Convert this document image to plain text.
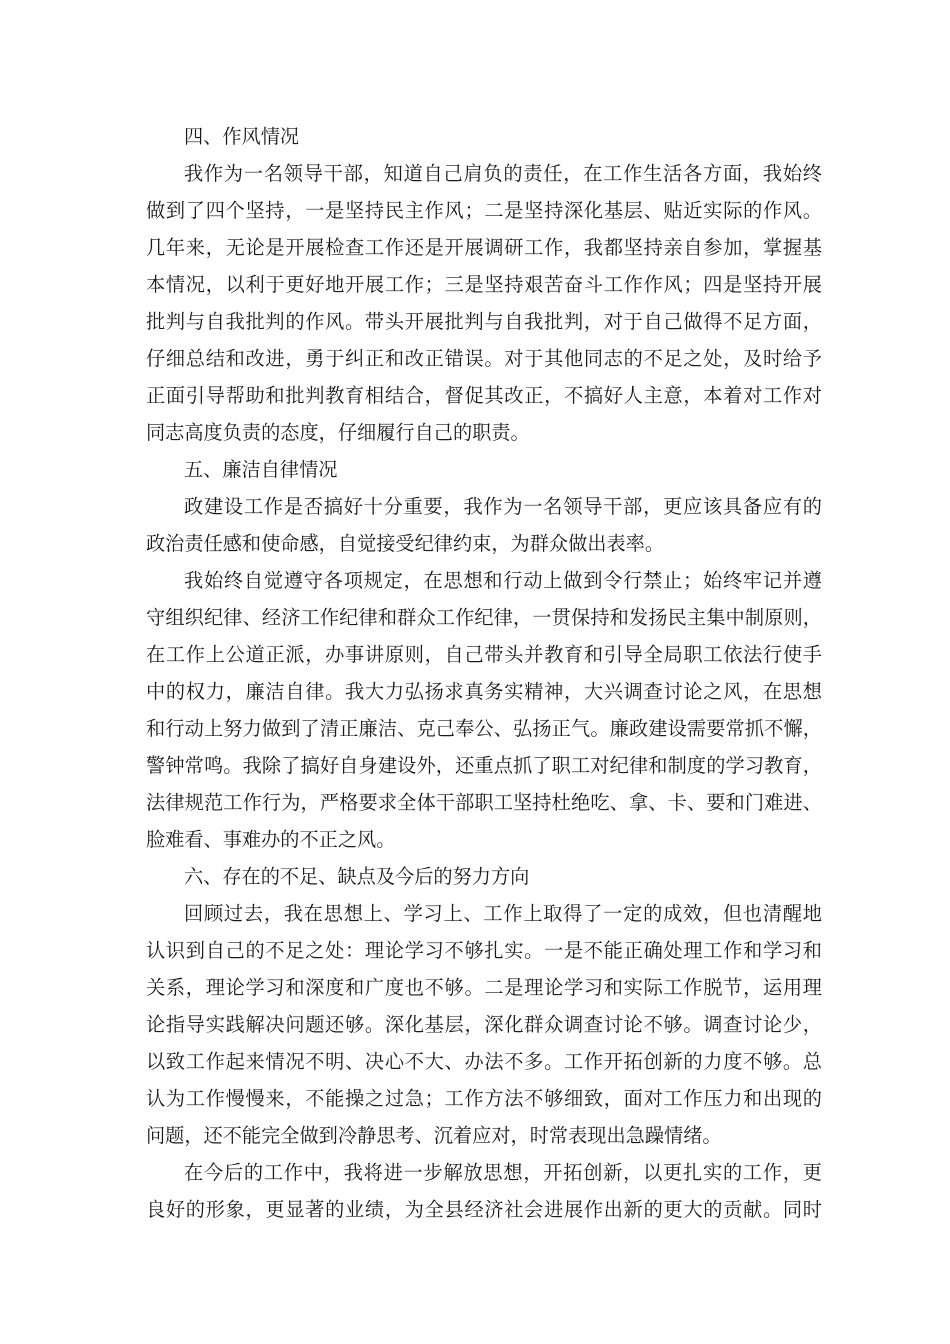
四、作风情况
我作为一名领导干部，知道自己肩负的责任，在工作生活各方面，我始终
做到了四个坚持，一是坚持民主作风；二是坚持深化基层、贴近实际的作风。
几年来，无论是开展检查工作还是开展调研工作，我都坚持亲自参加，掌握基
本情况，以利于更好地开展工作；三是坚持艰苦奋斗工作作风；四是坚持开展
批判与自我批判的作风。带头开展批判与自我批判，对于自己做得不足方面，
仔细总结和改进，勇于纠正和改正错误。对于其他同志的不足之处，及时给予
正面引导帮助和批判教育相结合，督促其改正，不搞好人主意，本着对工作对
同志高度负责的态度，仔细履行自己的职责。
五、廉洁自律情况
政建设工作是否搞好十分重要，我作为一名领导干部，更应该具备应有的
政治责任感和使命感，自觉接受纪律约束，为群众做出表率。
我始终自觉遵守各项规定，在思想和行动上做到令行禁止；始终牢记并遵
守组织纪律、经济工作纪律和群众工作纪律，一贯保持和发扬民主集中制原则，
在工作上公道正派，办事讲原则，自己带头并教育和引导全局职工依法行使手
中的权力，廉洁自律。我大力弘扬求真务实精神，大兴调查讨论之风，在思想
和行动上努力做到了清正廉洁、克己奉公、弘扬正气。廉政建设需要常抓不懈，
警钟常鸣。我除了搞好自身建设外，还重点抓了职工对纪律和制度的学习教育，
法律规范工作行为，严格要求全体干部职工坚持杜绝吃、拿、卡、要和门难进、
脸难看、事难办的不正之风。
六、存在的不足、缺点及今后的努力方向
回顾过去，我在思想上、学习上、工作上取得了一定的成效，但也清醒地
认识到自己的不足之处：理论学习不够扎实。一是不能正确处理工作和学习和
关系，理论学习和深度和广度也不够。二是理论学习和实际工作脱节，运用理
论指导实践解决问题还够。深化基层，深化群众调查讨论不够。调查讨论少，
以致工作起来情况不明、决心不大、办法不多。工作开拓创新的力度不够。总
认为工作慢慢来，不能操之过急；工作方法不够细致，面对工作压力和出现的
问题，还不能完全做到冷静思考、沉着应对，时常表现出急躁情绪。
在今后的工作中，我将进一步解放思想，开拓创新，以更扎实的工作，更
良好的形象，更显著的业绩，为全县经济社会进展作出新的更大的贡献。同时
